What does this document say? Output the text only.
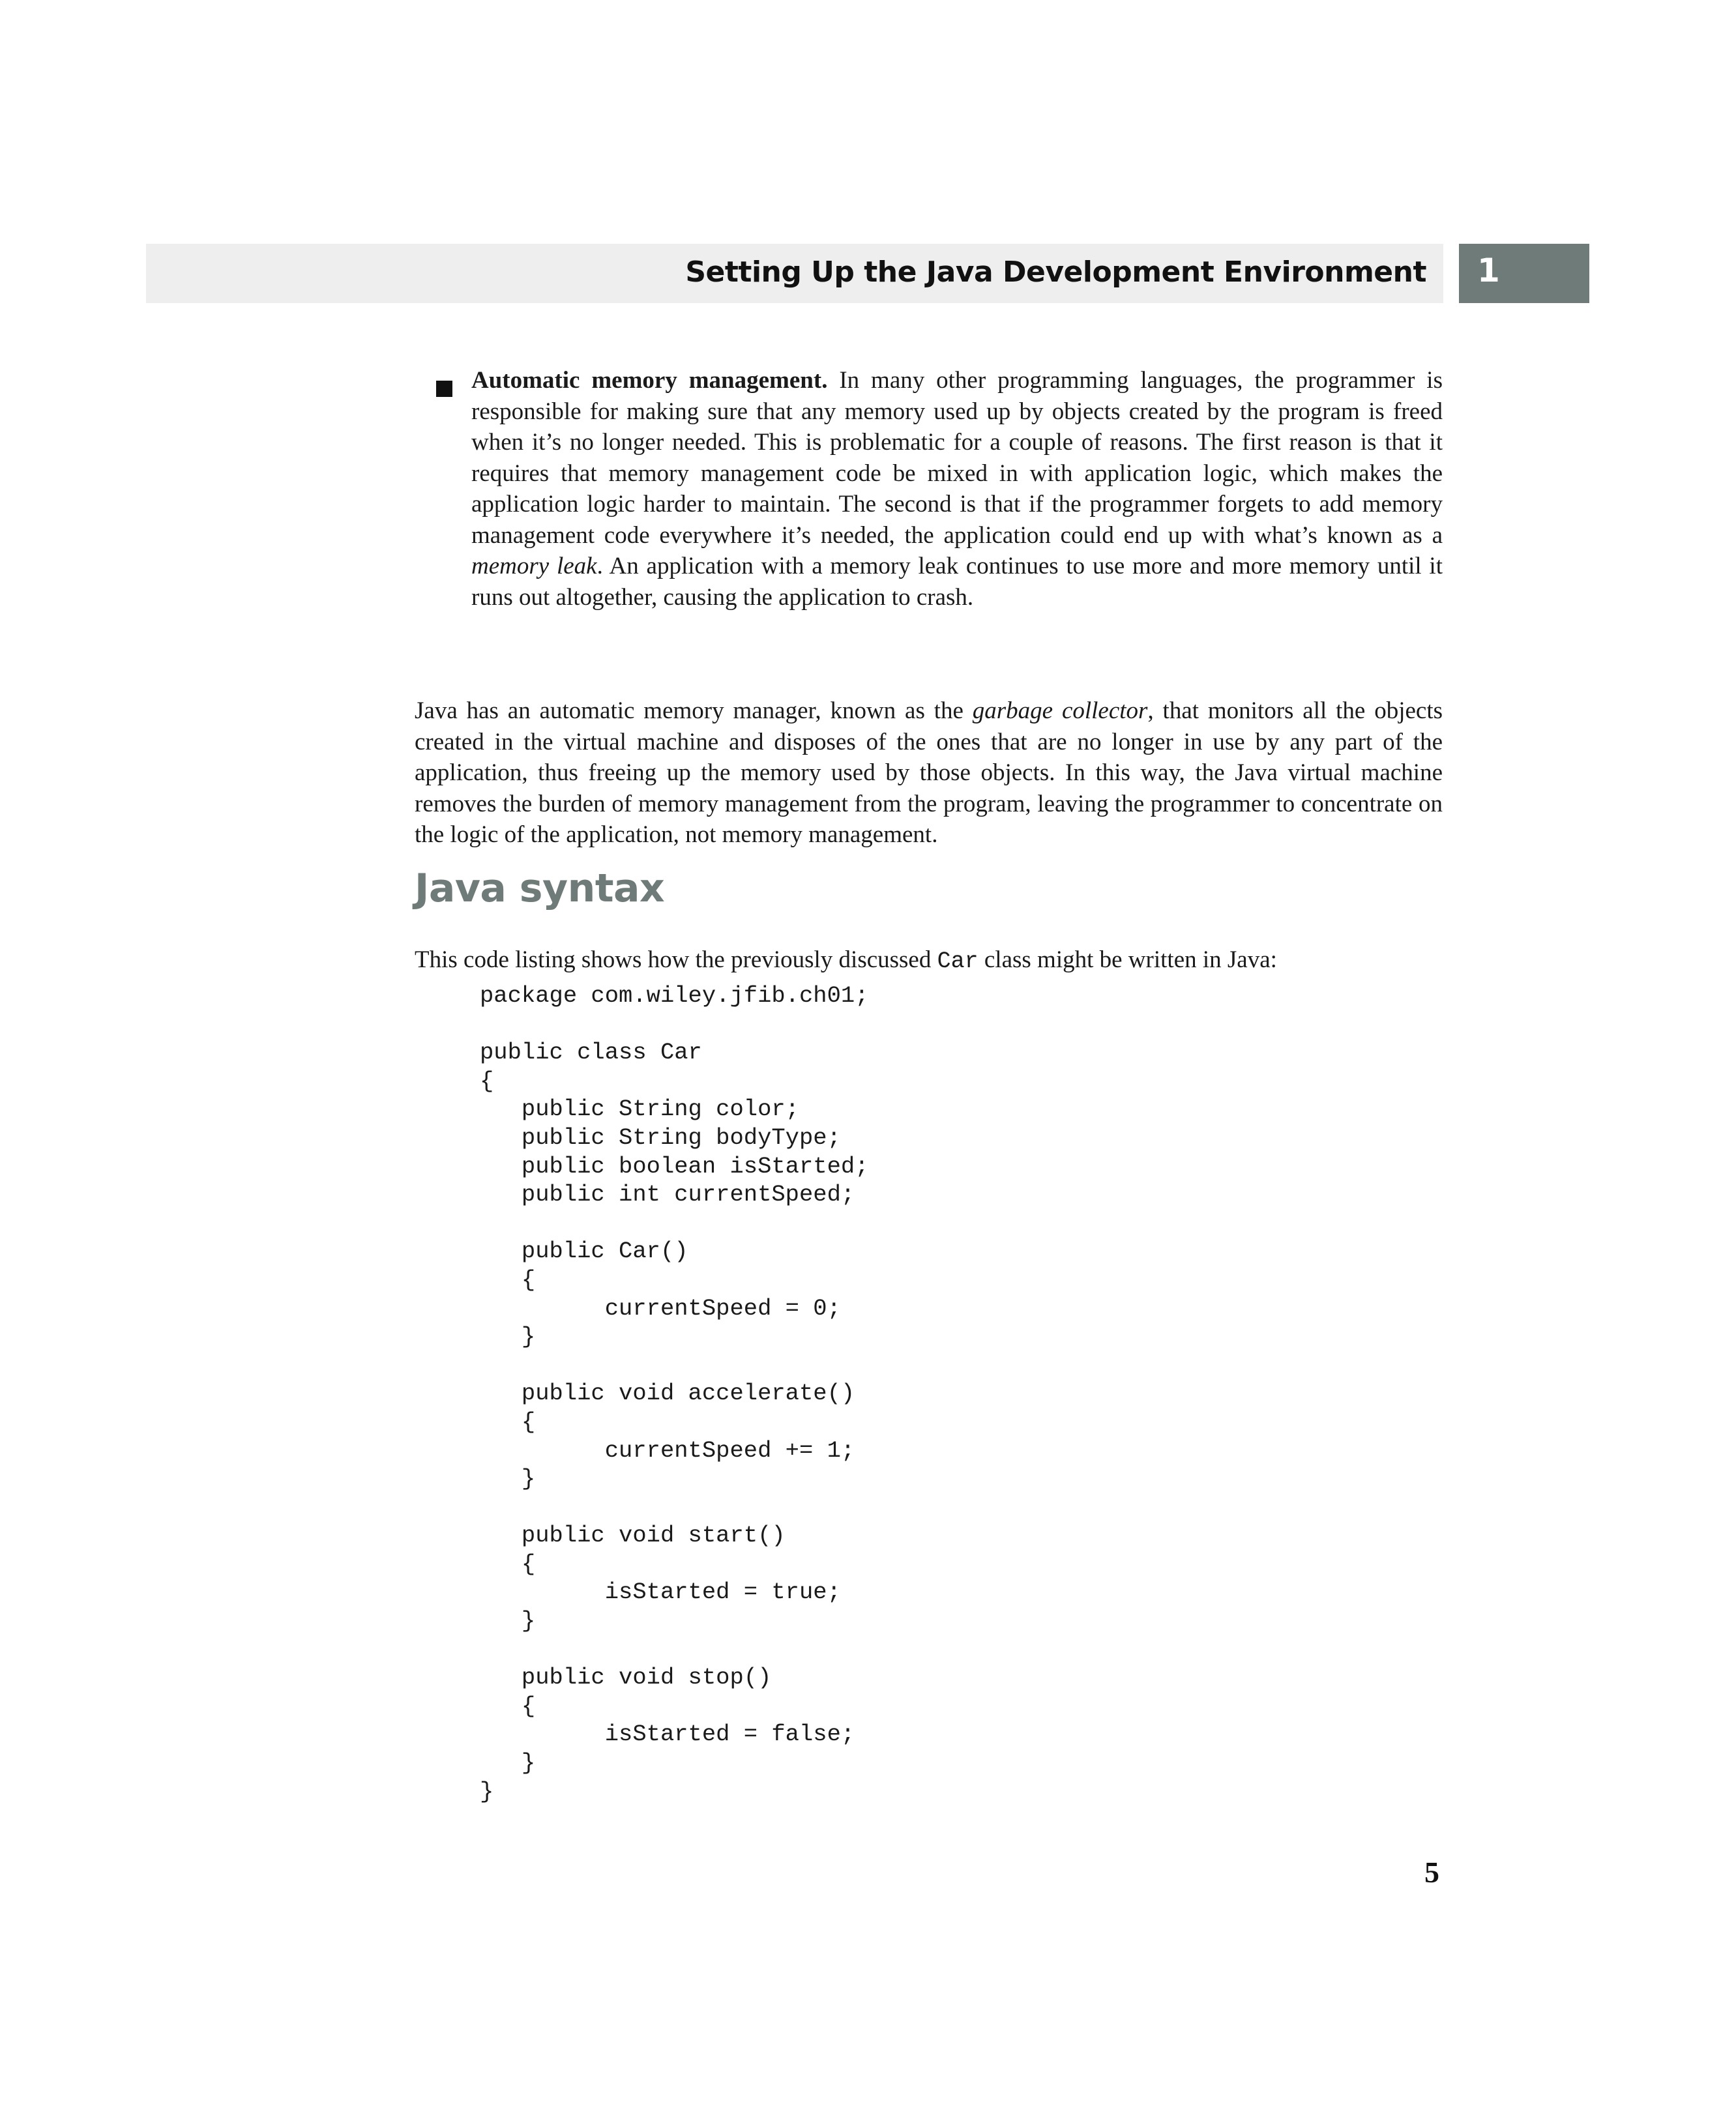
Setting Up the Java Development Environment 1
Automatic memory management. In many other programming languages, the programmer is responsible for making sure that any memory used up by objects created by the program is freed when it’s no longer needed. This is problematic for a couple of reasons. The first reason is that it requires that memory management code be mixed in with application logic, which makes the application logic harder to maintain. The second is that if the programmer forgets to add memory management code everywhere it’s needed, the application could end up with what’s known as a memory leak. An application with a memory leak continues to use more and more memory until it runs out altogether, causing the application to crash.

Java has an automatic memory manager, known as the garbage collector, that monitors all the objects created in the virtual machine and disposes of the ones that are no longer in use by any part of the application, thus freeing up the memory used by those objects. In this way, the Java virtual machine removes the burden of memory management from the program, leaving the programmer to concentrate on the logic of the application, not memory management.

Java syntax

This code listing shows how the previously discussed Car class might be written in Java:

package com.wiley.jfib.ch01;

public class Car
{
public String color;
public String bodyType;
public boolean isStarted;
public int currentSpeed;

public Car()
{
currentSpeed = 0;
}

public void accelerate()
{
currentSpeed += 1;
}

public void start()
{
isStarted = true;
}

public void stop()
{
isStarted = false;
}
}
5
